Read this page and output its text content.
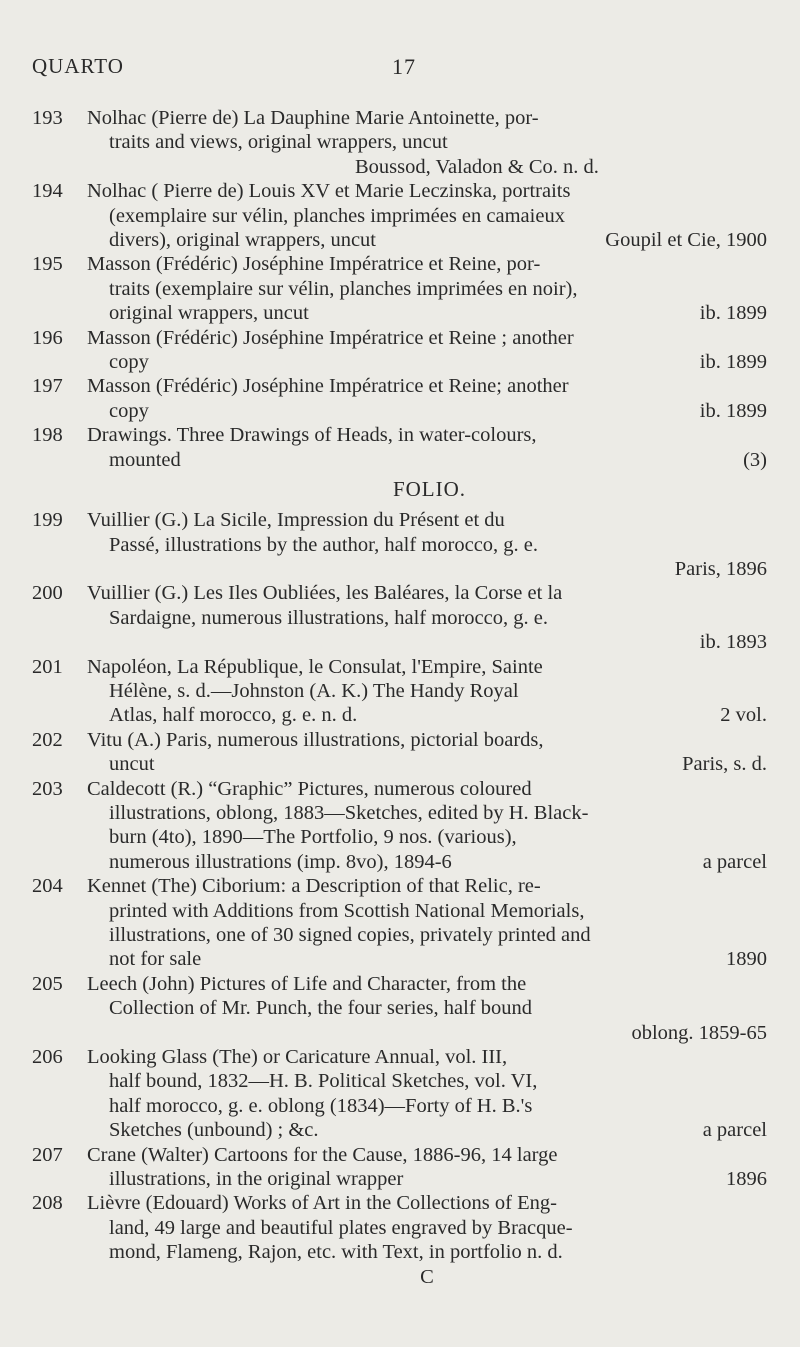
QUARTO	17
193 Nolhac (Pierre de) La Dauphine Marie Antoinette, por-
traits and views, original wrappers, uncut
Boussod, Valadon & Co. n. d.
194 Nolhac ( Pierre de) Louis XV et Marie Leczinska, portraits
(exemplaire sur vélin, planches imprimées en camaieux
divers), original wrappers, uncut	Goupil et Cie, 1900
195 Masson (Frédéric) Joséphine Impératrice et Reine, por-
traits (exemplaire sur vélin, planches imprimées en noir),
original wrappers, uncut	ib. 1899
196 Masson (Frédéric) Joséphine Impératrice et Reine ; another
copy	ib. 1899
197 Masson (Frédéric) Joséphine Impératrice et Reine; another
copy	ib. 1899
198 Drawings. Three Drawings of Heads, in water-colours,
mounted	(3)
FOLIO.
199 Vuillier (G.) La Sicile, Impression du Présent et du
Passé, illustrations by the author, half morocco, g. e.
Paris, 1896

200 Vuillier (G.) Les Iles Oubliées, les Baléares, la Corse et la
Sardaigne, numerous illustrations, half morocco, g. e.
ib. 1893

201 Napoléon, La République, le Consulat, l'Empire, Sainte
Hélène, s. d.—Johnston (A. K.) The Handy Royal
Atlas, half morocco, g. e. n. d.	2 vol.
202 Vitu (A.) Paris, numerous illustrations, pictorial boards,
uncut	Paris, s. d.
203 Caldecott (R.) “Graphic” Pictures, numerous coloured
illustrations, oblong, 1883—Sketches, edited by H. Black-
burn (4to), 1890—The Portfolio, 9 nos. (various),
numerous illustrations (imp. 8vo), 1894-6	a parcel
204 Kennet (The) Ciborium: a Description of that Relic, re-
printed with Additions from Scottish National Memorials,
illustrations, one of 30 signed copies, privately printed and
not for sale	1890
205 Leech (John) Pictures of Life and Character, from the
Collection of Mr. Punch, the four series, half bound
oblong. 1859-65

206 Looking Glass (The) or Caricature Annual, vol. III,
half bound, 1832—H. B. Political Sketches, vol. VI,
half morocco, g. e. oblong (1834)—Forty of H. B.'s
Sketches (unbound) ; &c.	a parcel
207 Crane (Walter) Cartoons for the Cause, 1886-96, 14 large
illustrations, in the original wrapper	1896
208 Lièvre (Edouard) Works of Art in the Collections of Eng-
land, 49 large and beautiful plates engraved by Bracque-
mond, Flameng, Rajon, etc. with Text, in portfolio n. d.
C
